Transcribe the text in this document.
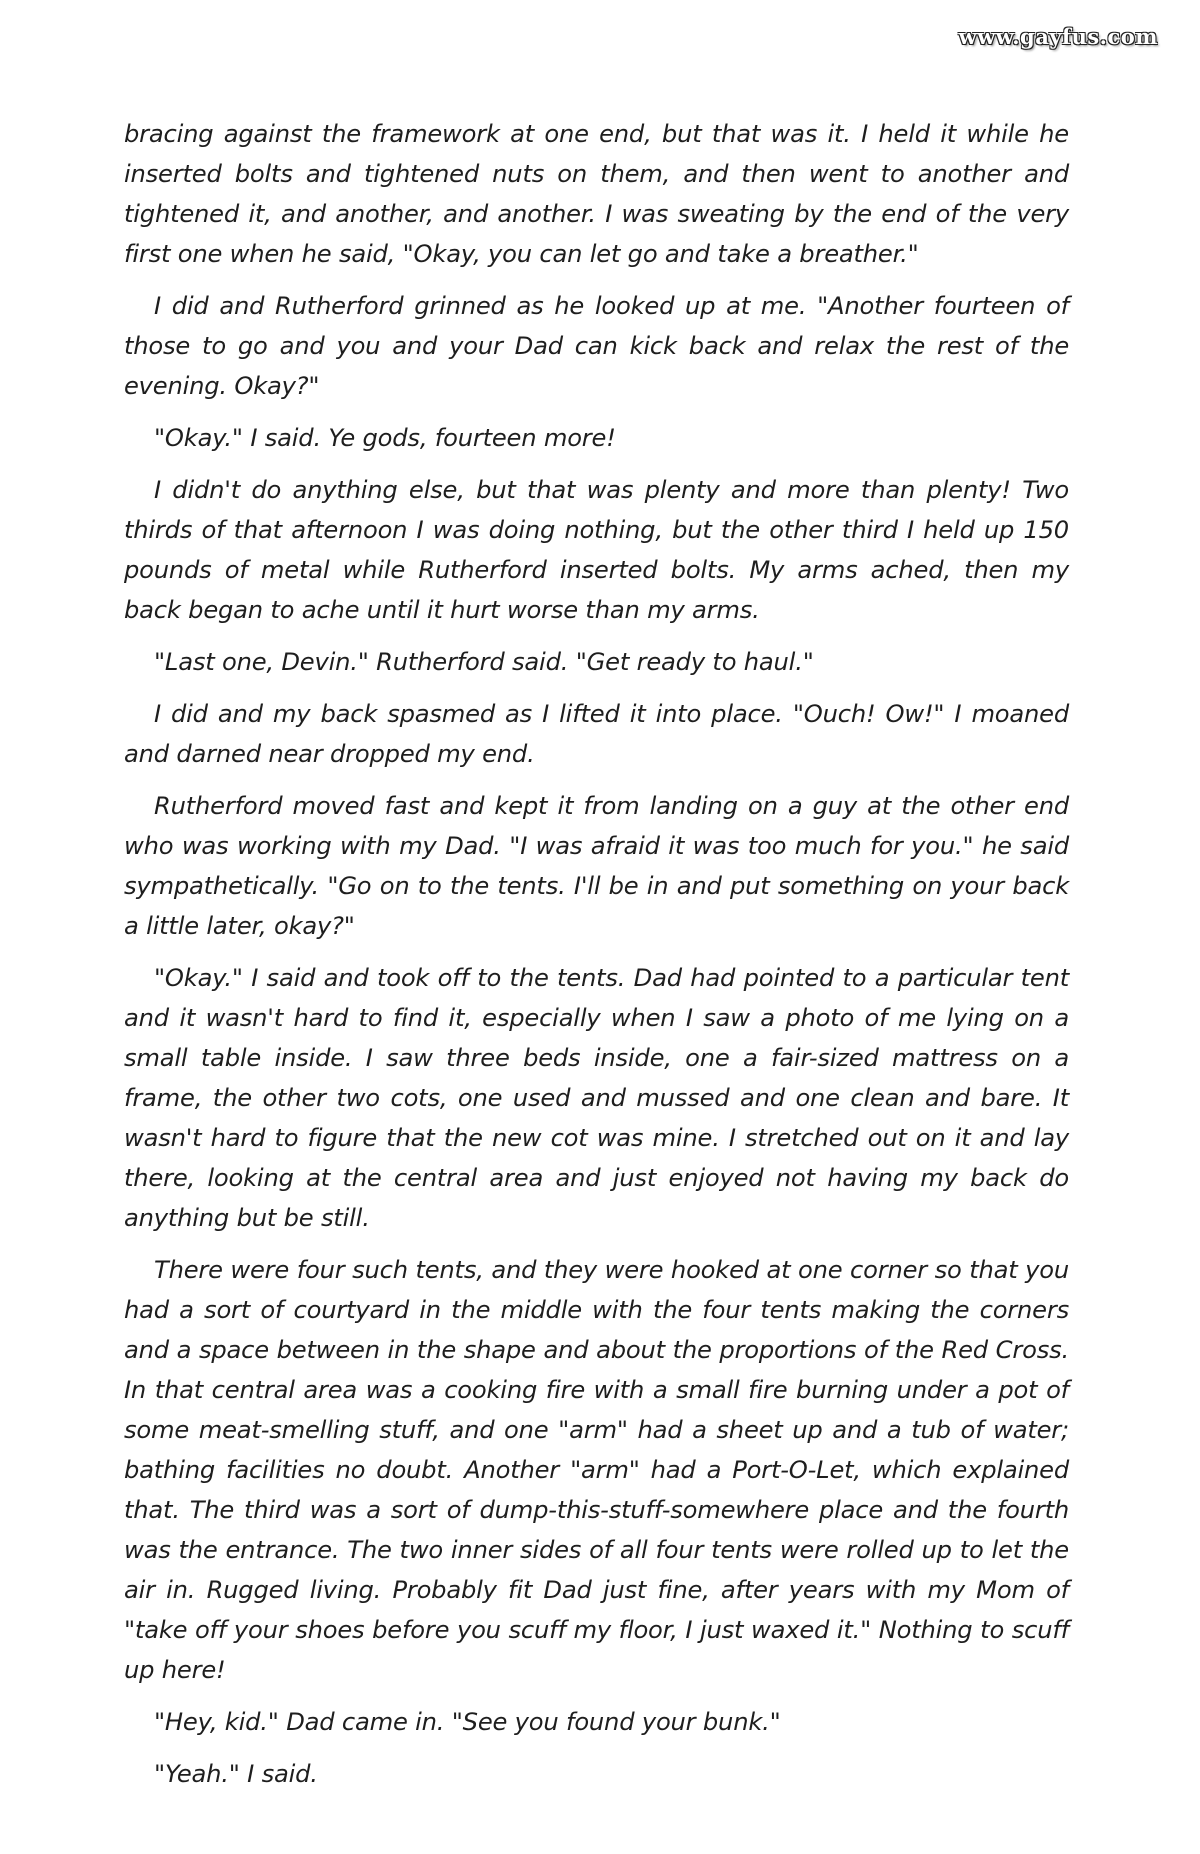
www.gayfus.com

bracing against the framework at one end, but that was it. I held it while he inserted bolts and tightened nuts on them, and then went to another and tightened it, and another, and another. I was sweating by the end of the very first one when he said, "Okay, you can let go and take a breather."

I did and Rutherford grinned as he looked up at me. "Another fourteen of those to go and you and your Dad can kick back and relax the rest of the evening. Okay?"

"Okay." I said. Ye gods, fourteen more!

I didn't do anything else, but that was plenty and more than plenty! Two thirds of that afternoon I was doing nothing, but the other third I held up 150 pounds of metal while Rutherford inserted bolts. My arms ached, then my back began to ache until it hurt worse than my arms.

"Last one, Devin." Rutherford said. "Get ready to haul."

I did and my back spasmed as I lifted it into place. "Ouch! Ow!" I moaned and darned near dropped my end.

Rutherford moved fast and kept it from landing on a guy at the other end who was working with my Dad. "I was afraid it was too much for you." he said sympathetically. "Go on to the tents. I'll be in and put something on your back a little later, okay?"

"Okay." I said and took off to the tents. Dad had pointed to a particular tent and it wasn't hard to find it, especially when I saw a photo of me lying on a small table inside. I saw three beds inside, one a fair-sized mattress on a frame, the other two cots, one used and mussed and one clean and bare. It wasn't hard to figure that the new cot was mine. I stretched out on it and lay there, looking at the central area and just enjoyed not having my back do anything but be still.

There were four such tents, and they were hooked at one corner so that you had a sort of courtyard in the middle with the four tents making the corners and a space between in the shape and about the proportions of the Red Cross. In that central area was a cooking fire with a small fire burning under a pot of some meat-smelling stuff, and one "arm" had a sheet up and a tub of water; bathing facilities no doubt. Another "arm" had a Port-O-Let, which explained that. The third was a sort of dump-this-stuff-somewhere place and the fourth was the entrance. The two inner sides of all four tents were rolled up to let the air in. Rugged living. Probably fit Dad just fine, after years with my Mom of "take off your shoes before you scuff my floor, I just waxed it." Nothing to scuff up here!

"Hey, kid." Dad came in. "See you found your bunk."

"Yeah." I said.
